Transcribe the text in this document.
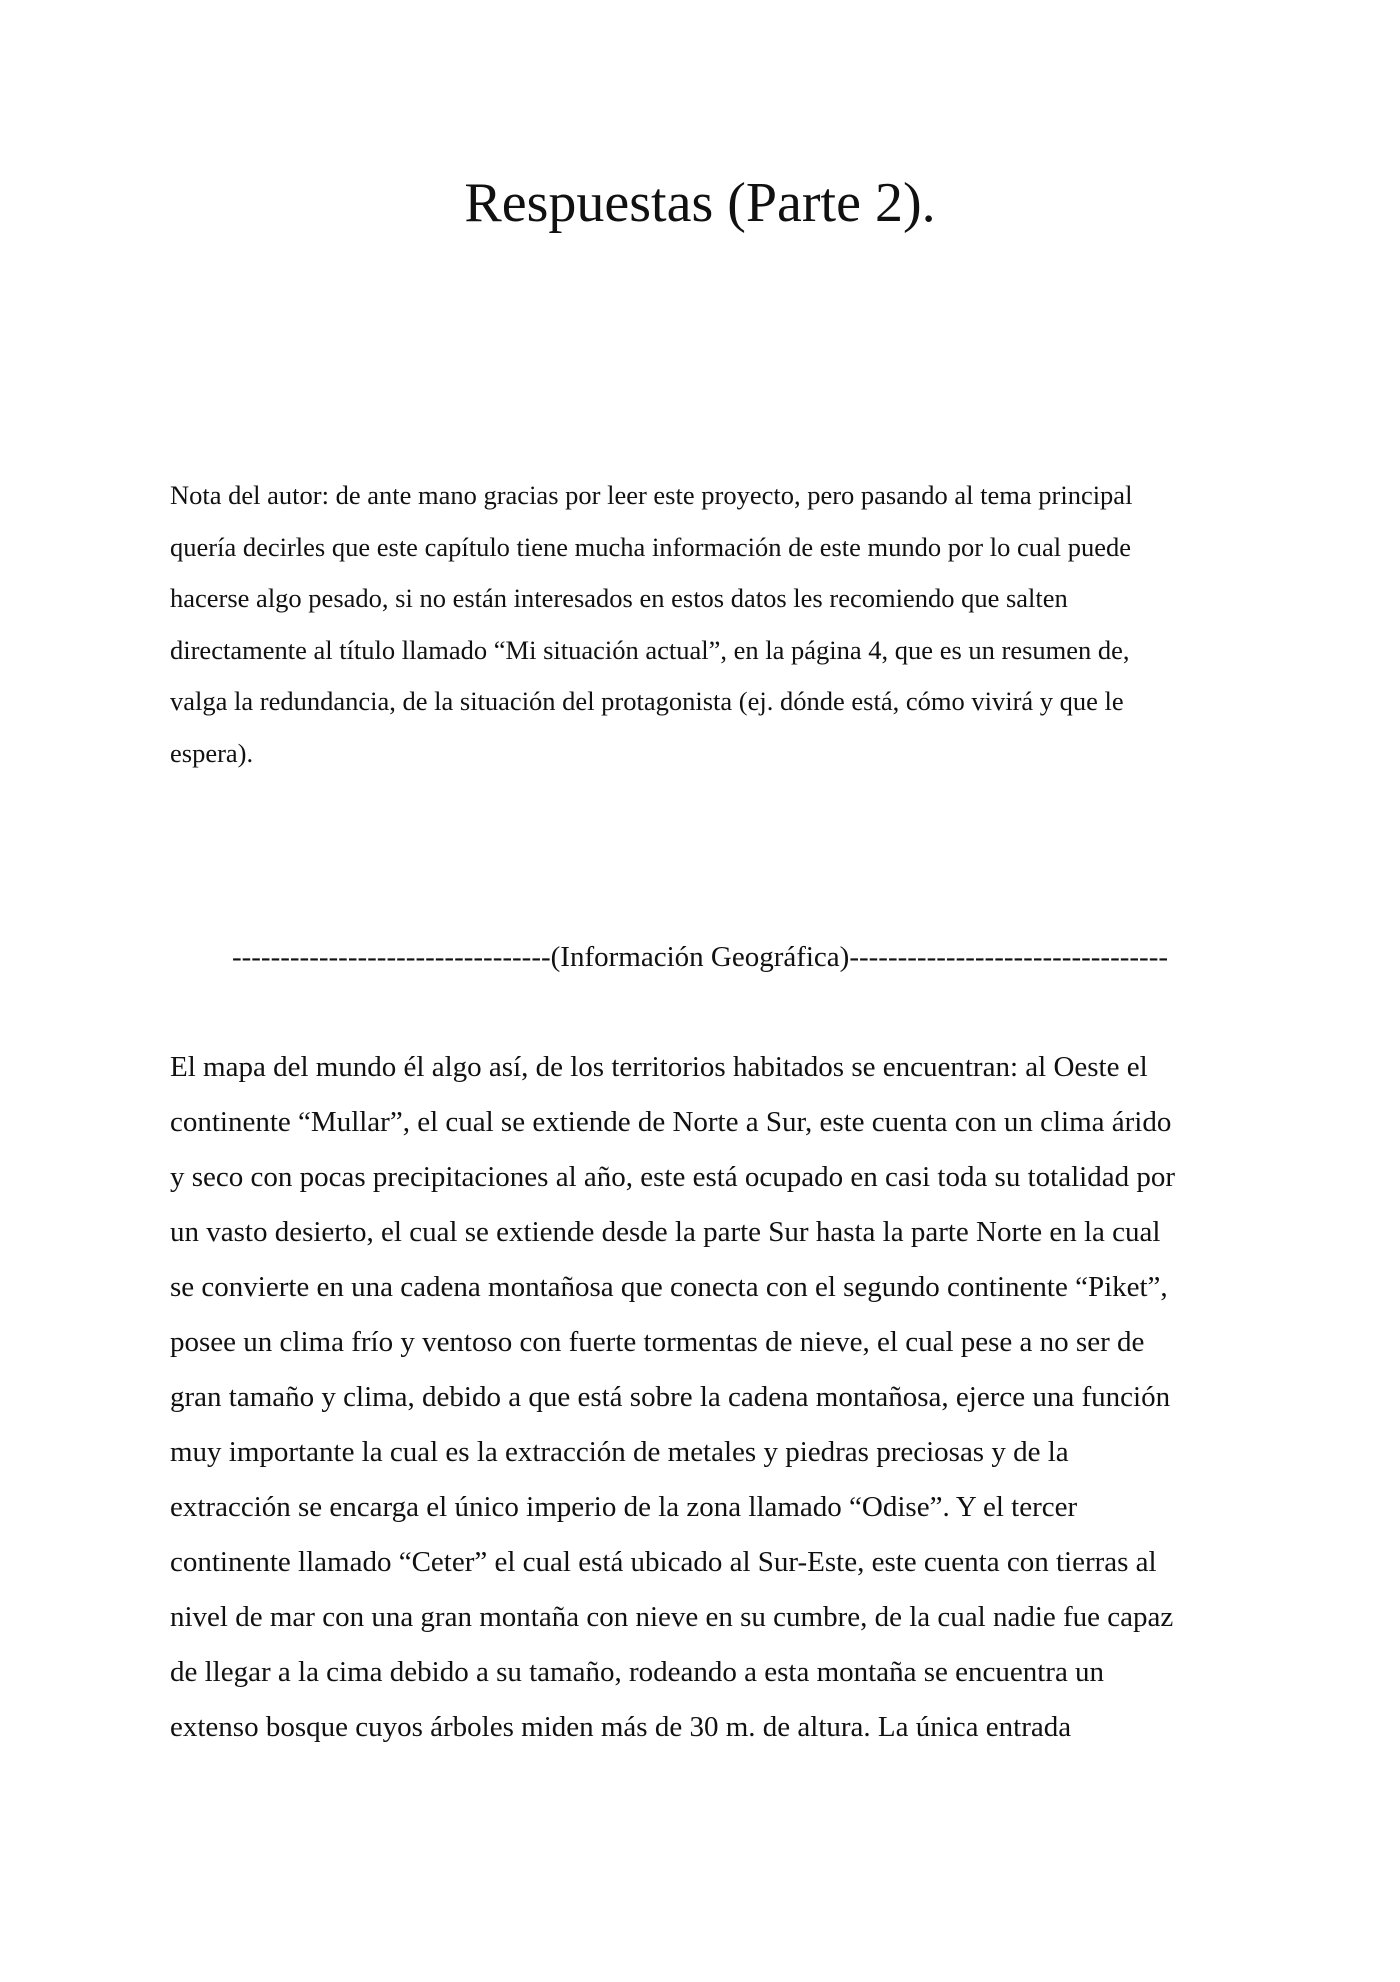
Respuestas (Parte 2).

Nota del autor: de ante mano gracias por leer este proyecto, pero pasando al tema principal
quería decirles que este capítulo tiene mucha información de este mundo por lo cual puede
hacerse algo pesado, si no están interesados en estos datos les recomiendo que salten
directamente al título llamado “Mi situación actual”, en la página 4, que es un resumen de,
valga la redundancia, de la situación del protagonista (ej. dónde está, cómo vivirá y que le
espera).

---------------------------------(Información Geográfica)---------------------------------

El mapa del mundo él algo así, de los territorios habitados se encuentran: al Oeste el
continente “Mullar”, el cual se extiende de Norte a Sur, este cuenta con un clima árido
y seco con pocas precipitaciones al año, este está ocupado en casi toda su totalidad por
un vasto desierto, el cual se extiende desde la parte Sur hasta la parte Norte en la cual
se convierte en una cadena montañosa que conecta con el segundo continente “Piket”,
posee un clima frío y ventoso con fuerte tormentas de nieve, el cual pese a no ser de
gran tamaño y clima, debido a que está sobre la cadena montañosa, ejerce una función
muy importante la cual es la extracción de metales y piedras preciosas y de la
extracción se encarga el único imperio de la zona llamado “Odise”. Y el tercer
continente llamado “Ceter” el cual está ubicado al Sur-Este, este cuenta con tierras al
nivel de mar con una gran montaña con nieve en su cumbre, de la cual nadie fue capaz
de llegar a la cima debido a su tamaño, rodeando a esta montaña se encuentra un
extenso bosque cuyos árboles miden más de 30 m. de altura. La única entrada
